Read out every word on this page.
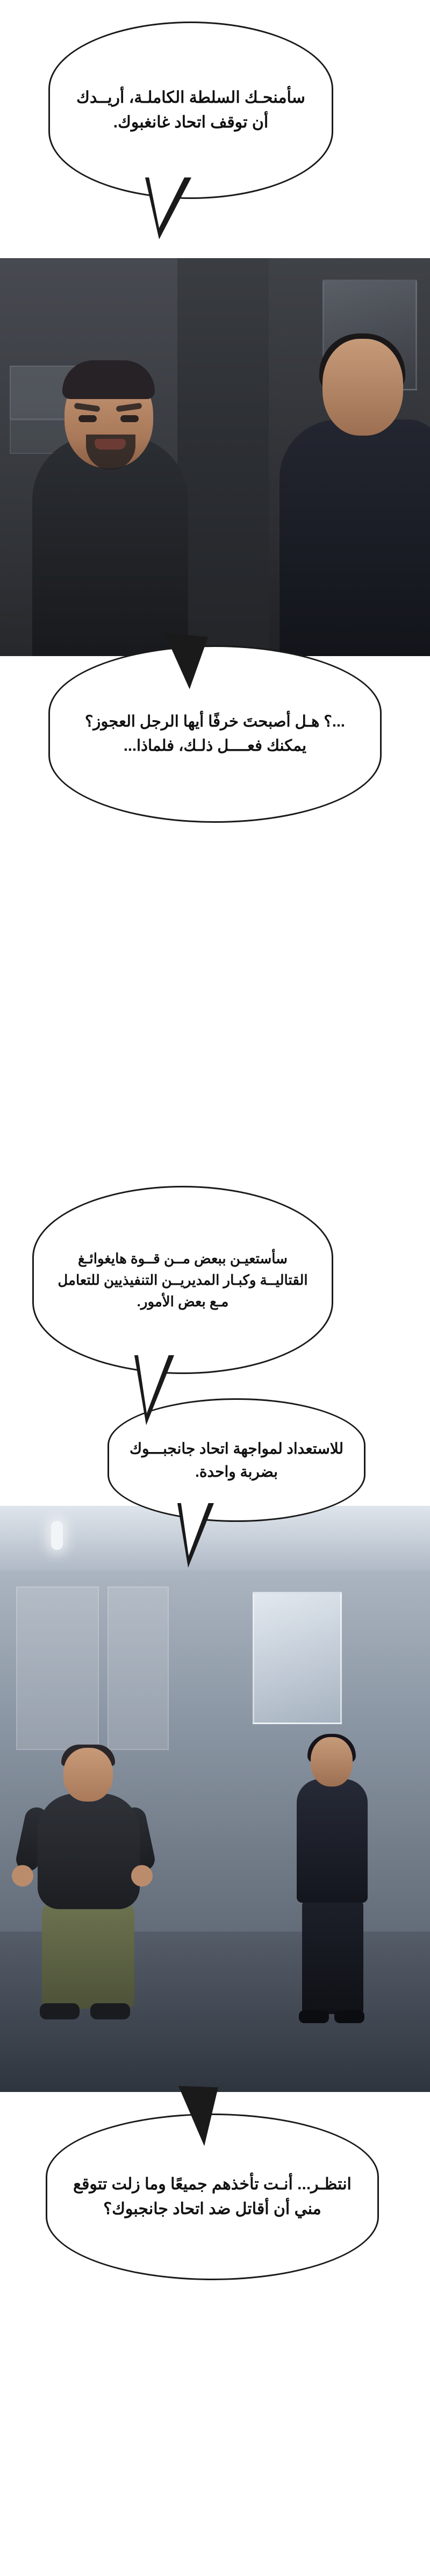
سأمنحـك السلطة الكاملـة، أريــدك أن توقف اتحاد غانغبوك.

...؟ هـل أصبحتَ خرفًا أيها الرجل العجوز؟ يمكنك فعــــل ذلـك، فلماذا...

سأستعيـن ببعض مــن قــوة هايغوائـغ القتاليــة وكبـار المديريــن التنفيذيين للتعامل مـع بعض الأمور.

للاستعداد لمواجهة اتحاد جانجبـــوك بضربة واحدة.

انتظـر... أنـت تأخذهم جميعًا وما زلت تتوقع مني أن أقاتل ضد اتحاد جانجبوك؟
